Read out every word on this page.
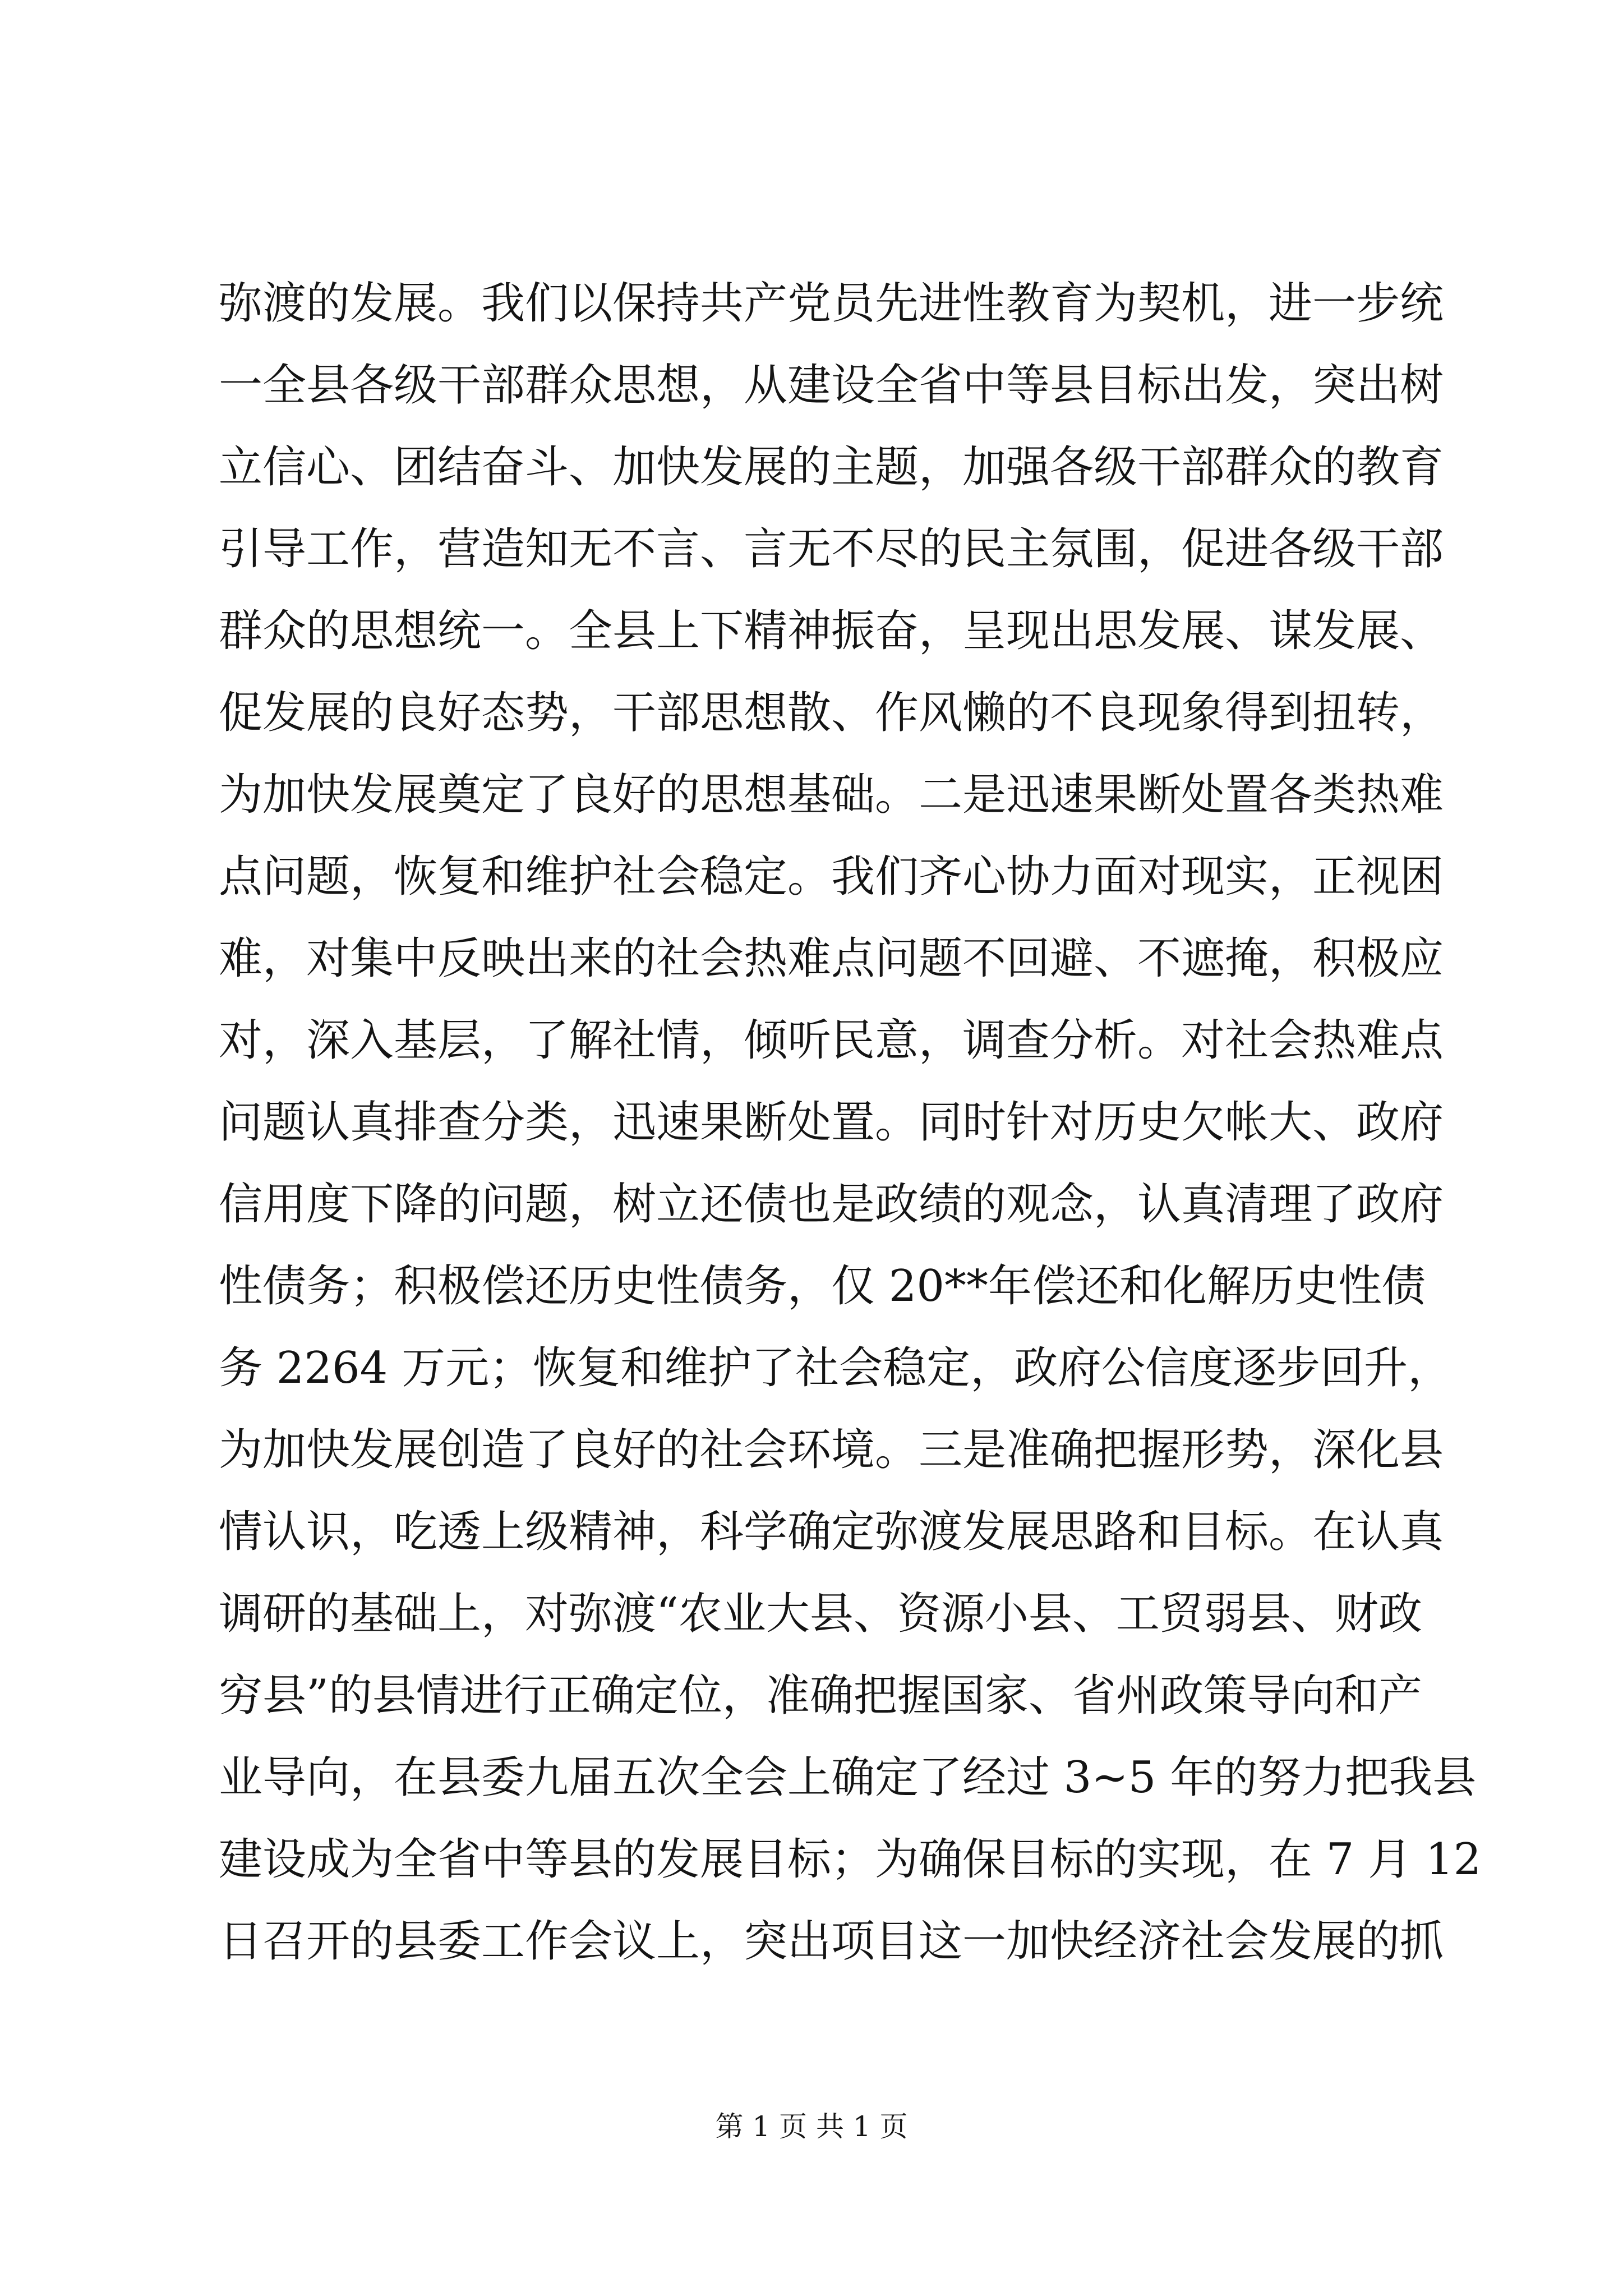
弥渡的发展。我们以保持共产党员先进性教育为契机，进一步统
一全县各级干部群众思想，从建设全省中等县目标出发，突出树
立信心、团结奋斗、加快发展的主题，加强各级干部群众的教育
引导工作，营造知无不言、言无不尽的民主氛围，促进各级干部
群众的思想统一。全县上下精神振奋，呈现出思发展、谋发展、
促发展的良好态势，干部思想散、作风懒的不良现象得到扭转，
为加快发展奠定了良好的思想基础。二是迅速果断处置各类热难
点问题，恢复和维护社会稳定。我们齐心协力面对现实，正视困
难，对集中反映出来的社会热难点问题不回避、不遮掩，积极应
对，深入基层，了解社情，倾听民意，调查分析。对社会热难点
问题认真排查分类，迅速果断处置。同时针对历史欠帐大、政府
信用度下降的问题，树立还债也是政绩的观念，认真清理了政府
性债务；积极偿还历史性债务，仅 20**年偿还和化解历史性债
务 2264 万元；恢复和维护了社会稳定，政府公信度逐步回升，
为加快发展创造了良好的社会环境。三是准确把握形势，深化县
情认识，吃透上级精神，科学确定弥渡发展思路和目标。在认真
调研的基础上，对弥渡“农业大县、资源小县、工贸弱县、财政
穷县”的县情进行正确定位，准确把握国家、省州政策导向和产
业导向，在县委九届五次全会上确定了经过 3~5 年的努力把我县
建设成为全省中等县的发展目标；为确保目标的实现，在 7 月 12
日召开的县委工作会议上，突出项目这一加快经济社会发展的抓
第 1 页 共 1 页
